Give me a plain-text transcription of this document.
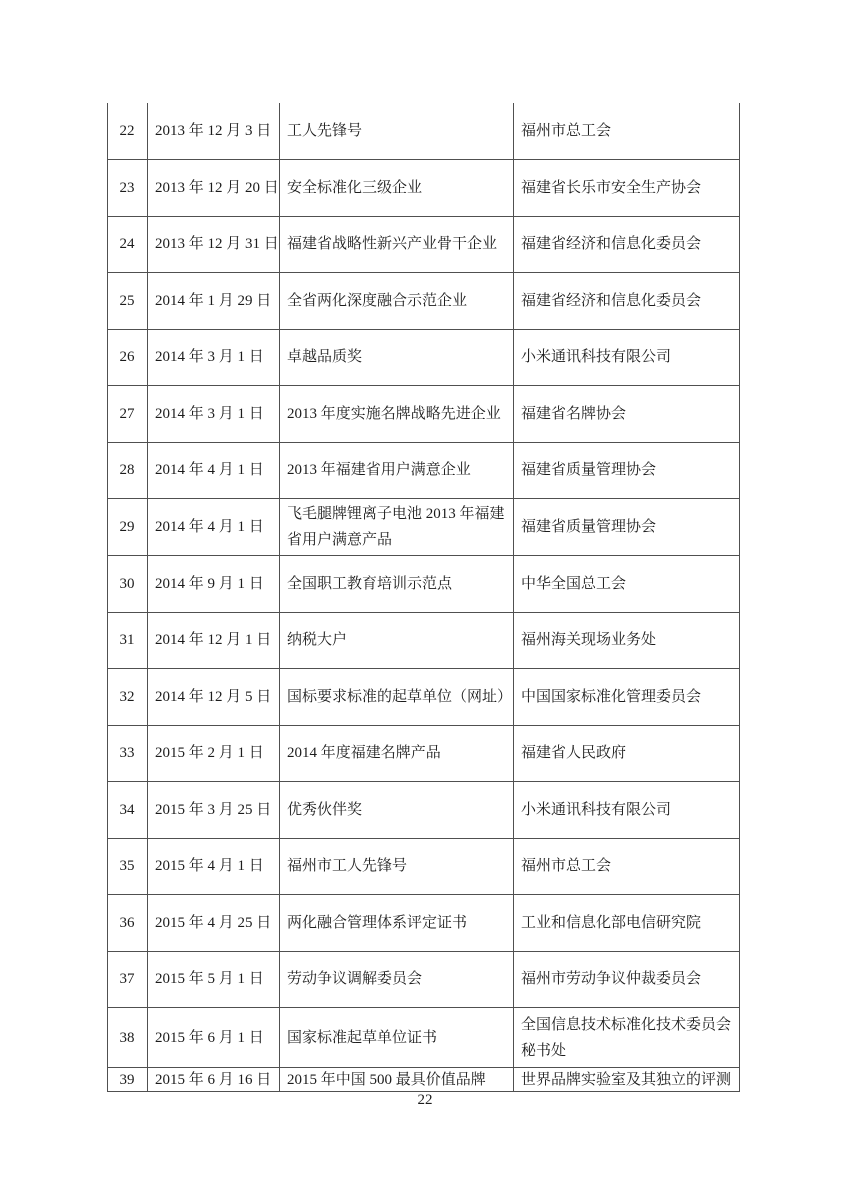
22	2013 年 12 月 3 日	工人先锋号	福州市总工会
23	2013 年 12 月 20 日	安全标准化三级企业	福建省长乐市安全生产协会
24	2013 年 12 月 31 日	福建省战略性新兴产业骨干企业	福建省经济和信息化委员会
25	2014 年 1 月 29 日	全省两化深度融合示范企业	福建省经济和信息化委员会
26	2014 年 3 月 1 日	卓越品质奖	小米通讯科技有限公司
27	2014 年 3 月 1 日	2013 年度实施名牌战略先进企业	福建省名牌协会
28	2014 年 4 月 1 日	2013 年福建省用户满意企业	福建省质量管理协会
29	2014 年 4 月 1 日	飞毛腿牌锂离子电池 2013 年福建省用户满意产品	福建省质量管理协会
30	2014 年 9 月 1 日	全国职工教育培训示范点	中华全国总工会
31	2014 年 12 月 1 日	纳税大户	福州海关现场业务处
32	2014 年 12 月 5 日	国标要求标准的起草单位（网址）	中国国家标准化管理委员会
33	2015 年 2 月 1 日	2014 年度福建名牌产品	福建省人民政府
34	2015 年 3 月 25 日	优秀伙伴奖	小米通讯科技有限公司
35	2015 年 4 月 1 日	福州市工人先锋号	福州市总工会
36	2015 年 4 月 25 日	两化融合管理体系评定证书	工业和信息化部电信研究院
37	2015 年 5 月 1 日	劳动争议调解委员会	福州市劳动争议仲裁委员会
38	2015 年 6 月 1 日	国家标准起草单位证书	全国信息技术标准化技术委员会秘书处
39	2015 年 6 月 16 日	2015 年中国 500 最具价值品牌	世界品牌实验室及其独立的评测
22
